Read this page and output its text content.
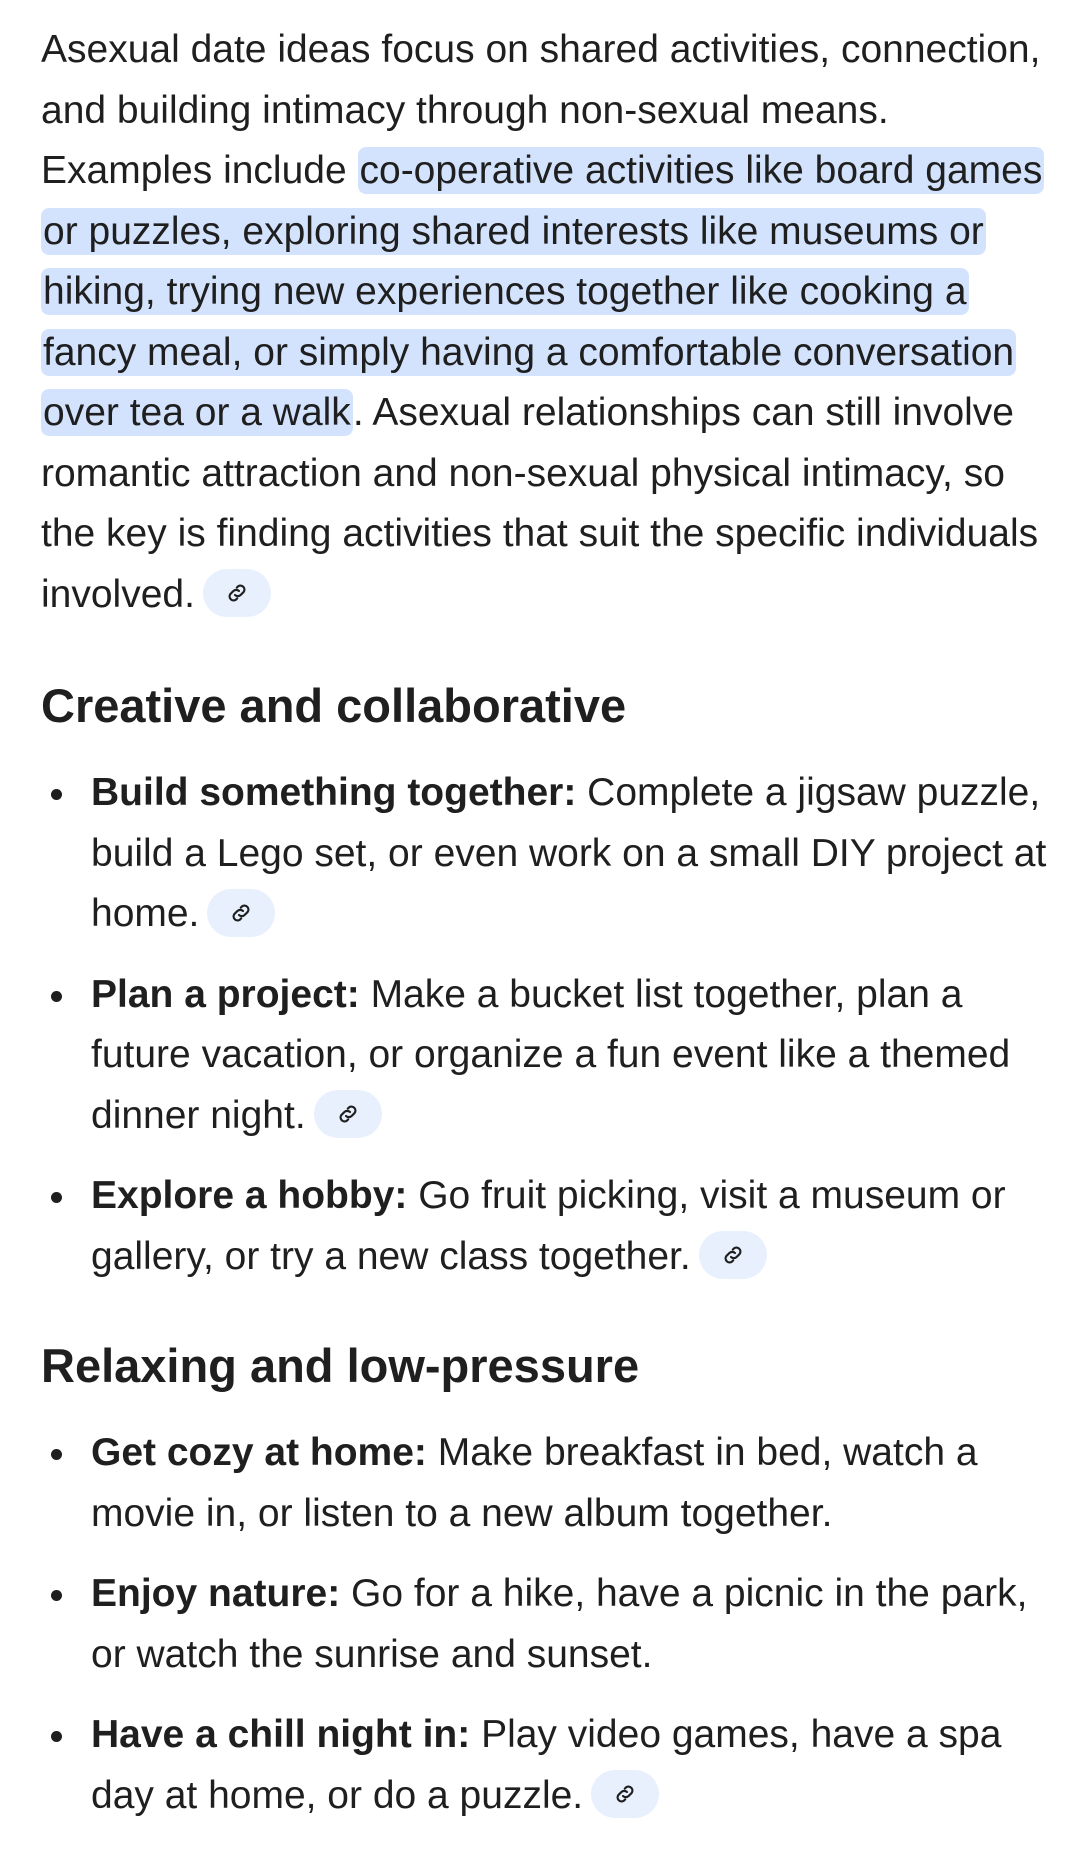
Asexual date ideas focus on shared activities, connection, and building intimacy through non-sexual means. Examples include co-operative activities like board games or puzzles, exploring shared interests like museums or hiking, trying new experiences together like cooking a fancy meal, or simply having a comfortable conversation over tea or a walk. Asexual relationships can still involve romantic attraction and non-sexual physical intimacy, so the key is finding activities that suit the specific individuals involved.

Creative and collaborative
Build something together: Complete a jigsaw puzzle, build a Lego set, or even work on a small DIY project at home.
Plan a project: Make a bucket list together, plan a future vacation, or organize a fun event like a themed dinner night.
Explore a hobby: Go fruit picking, visit a museum or gallery, or try a new class together.
Relaxing and low-pressure
Get cozy at home: Make breakfast in bed, watch a movie in, or listen to a new album together.
Enjoy nature: Go for a hike, have a picnic in the park, or watch the sunrise and sunset.
Have a chill night in: Play video games, have a spa day at home, or do a puzzle.
